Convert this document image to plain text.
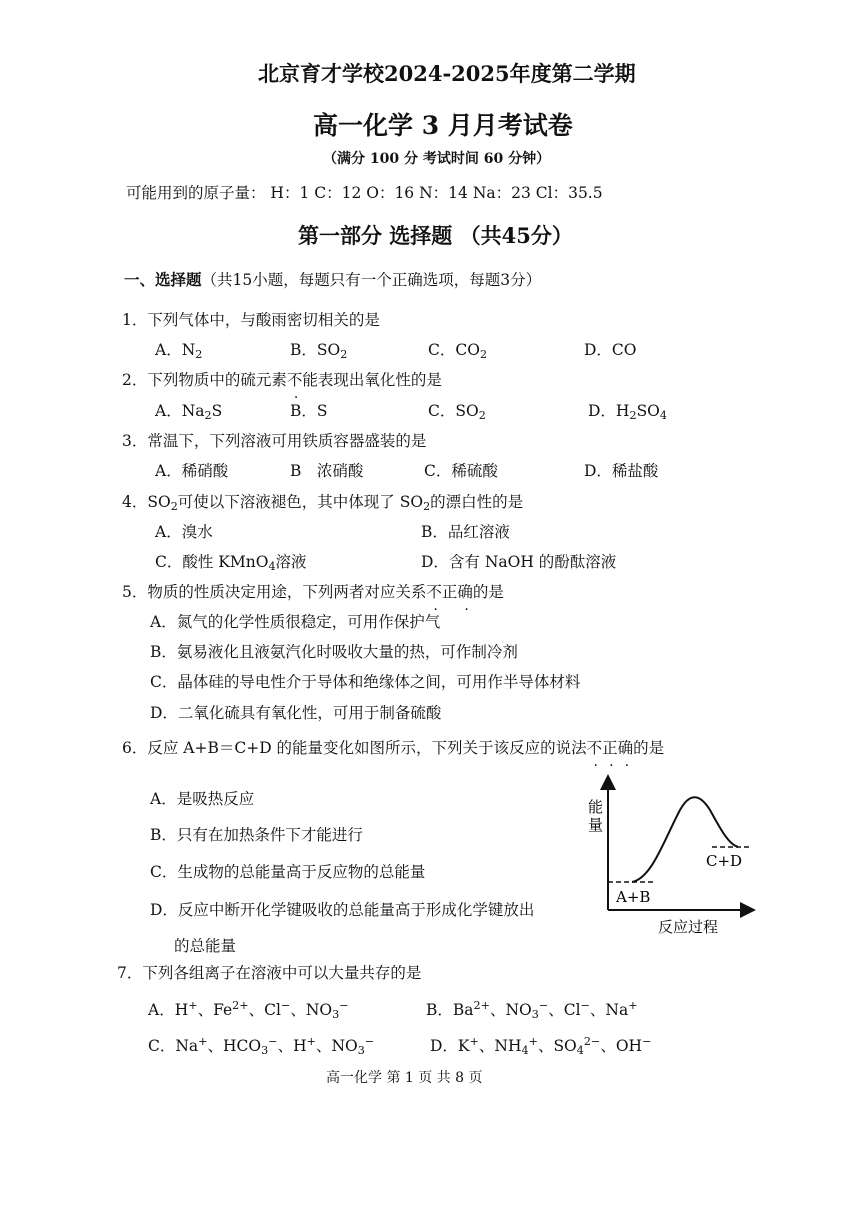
北京育才学校2024-2025年度第二学期
高一化学 3 月月考试卷
（满分 100 分 考试时间 60 分钟）
可能用到的原子量： H：1 C：12 O：16 N：14 Na：23 Cl：35.5
第一部分 选择题 （共45分）
一、选择题（共15小题，每题只有一个正确选项，每题3分）
1．下列气体中，与酸雨密切相关的是
A．$N_2$	B．$SO_2$	C．$CO_2$	D．CO
2．下列物质中的硫元素不能表现出氧化性的是
A．$Na_2S$	B．S	C．$SO_2$	D．$H_2SO_4$
3．常温下，下列溶液可用铁质容器盛装的是
A．稀硝酸	B　浓硝酸	C．稀硫酸	D．稀盐酸
4．$SO_2$可使以下溶液褪色，其中体现了 $SO_2$的漂白性的是
A．溴水	B．品红溶液
C．酸性 KMnO$_4$溶液	D．含有 NaOH 的酚酞溶液
5．物质的性质决定用途，下列两者对应关系不正确的是
A．氮气的化学性质很稳定，可用作保护气
B．氨易液化且液氨汽化时吸收大量的热，可作制冷剂
C．晶体硅的导电性介于导体和绝缘体之间，可用作半导体材料
D．二氧化硫具有氧化性，可用于制备硫酸
6．反应 A+B＝C+D 的能量变化如图所示，下列关于该反应的说法不正确的是
A．是吸热反应
B．只有在加热条件下才能进行
C．生成物的总能量高于反应物的总能量
D．反应中断开化学键吸收的总能量高于形成化学键放出
的总能量
能
量
C+D
A+B
反应过程
7．下列各组离子在溶液中可以大量共存的是
A．H+、$Fe^{2+}$、Cl−、$NO_3^-$	B．$Ba^{2+}$、$NO_3^-$、Cl−、Na+
C．Na+、$HCO_3^-$、H+、$NO_3^-$	D．K+、$NH_4^+$、$SO_4^{2-}$、OH−
高一化学 第 1 页 共 8 页
